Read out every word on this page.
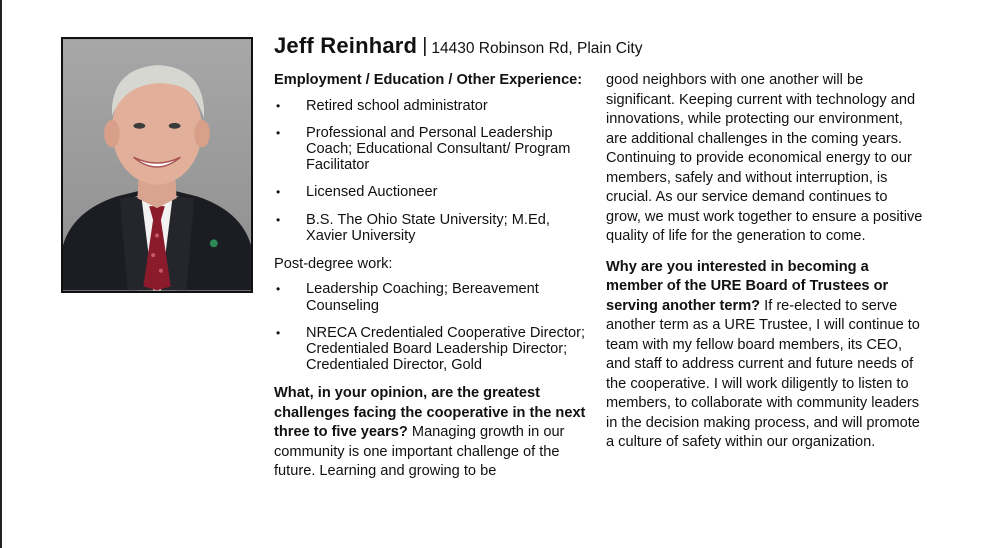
Jeff Reinhard | 14430 Robinson Rd, Plain City
Employment / Education / Other Experience:
• Retired school administrator
• Professional and Personal Leadership Coach; Educational Consultant/ Program Facilitator
• Licensed Auctioneer
• B.S. The Ohio State University; M.Ed, Xavier University
Post-degree work:
• Leadership Coaching; Bereavement Counseling
• NRECA Credentialed Cooperative Director; Credentialed Board Leadership Director; Credentialed Director, Gold

What, in your opinion, are the greatest challenges facing the cooperative in the next three to five years? Managing growth in our community is one important challenge of the future. Learning and growing to be

good neighbors with one another will be significant. Keeping current with technology and innovations, while protecting our environment, are additional challenges in the coming years. Continuing to provide economical energy to our members, safely and without interruption, is crucial. As our service demand continues to grow, we must work together to ensure a positive quality of life for the generation to come.

Why are you interested in becoming a member of the URE Board of Trustees or serving another term? If re-elected to serve another term as a URE Trustee, I will continue to team with my fellow board members, its CEO, and staff to address current and future needs of the cooperative. I will work diligently to listen to members, to collaborate with community leaders in the decision making process, and will promote a culture of safety within our organization.
